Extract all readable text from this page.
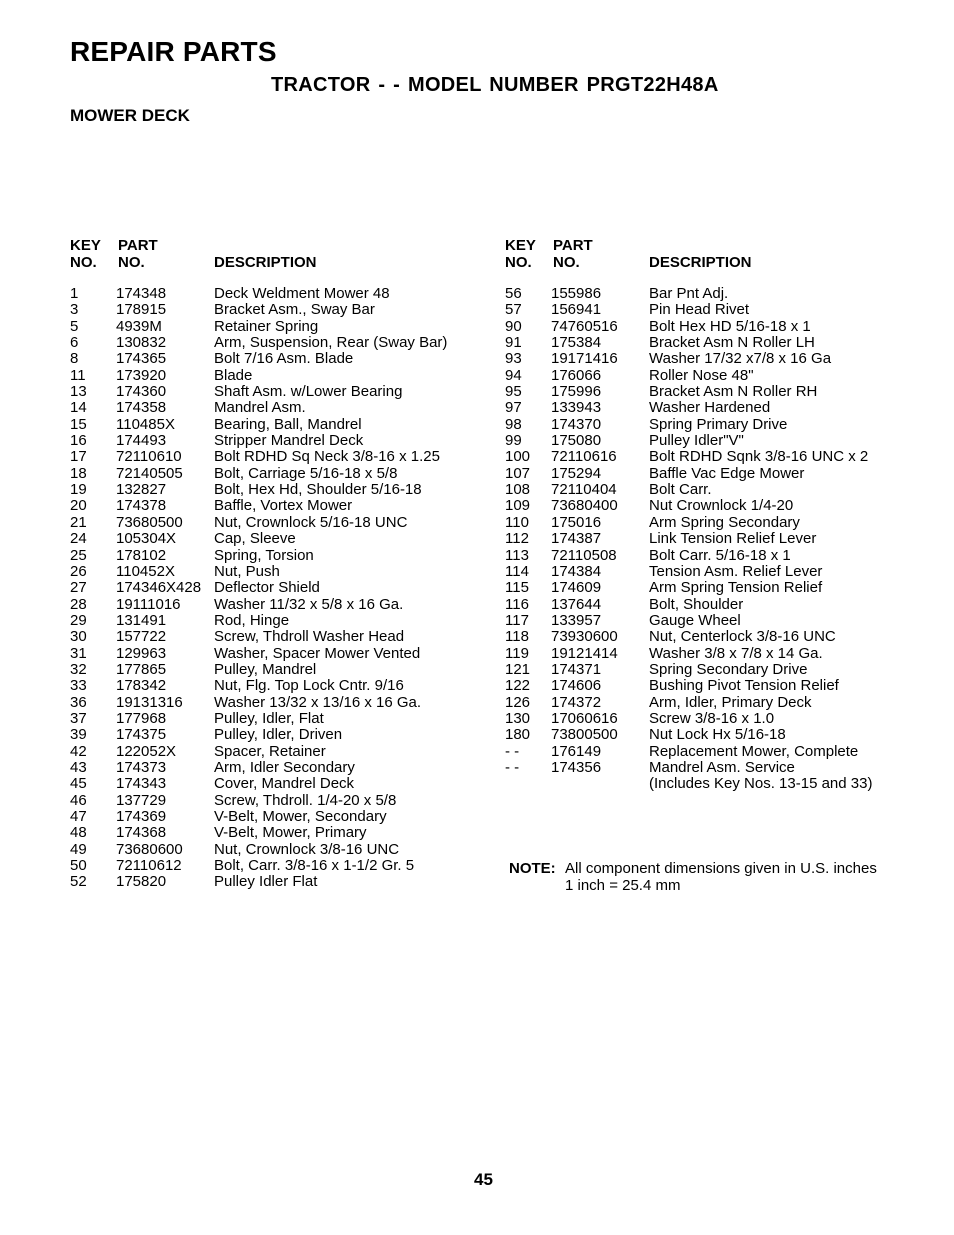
REPAIR PARTS
TRACTOR - - MODEL NUMBER PRGT22H48A
MOWER DECK
KEY
NO.
PART
NO.	DESCRIPTION
KEY
NO.
PART
NO.	DESCRIPTION
1	174348	Deck Weldment Mower 48
3	178915	Bracket Asm., Sway Bar
5	4939M	Retainer Spring
6	130832	Arm, Suspension, Rear (Sway Bar)
8	174365	Bolt 7/16 Asm. Blade
11 173920	Blade
13 174360	Shaft Asm. w/Lower Bearing
14 174358	Mandrel Asm.
15 110485X	Bearing, Ball, Mandrel
16 174493	Stripper Mandrel Deck
17 72110610 Bolt RDHD Sq Neck 3/8-16 x 1.25
18 72140505 Bolt, Carriage 5/16-18 x 5/8
19 132827	Bolt, Hex Hd, Shoulder 5/16-18
20 174378	Baffle, Vortex Mower
21 73680500 Nut, Crownlock 5/16-18 UNC
24 105304X	Cap, Sleeve
25 178102	Spring, Torsion
26 110452X	Nut, Push
27 174346X428 Deflector Shield
28 19111016 Washer 11/32 x 5/8 x 16 Ga.
29 131491	Rod, Hinge
30 157722	Screw, Thdroll Washer Head
31 129963	Washer, Spacer Mower Vented
32 177865	Pulley, Mandrel
33 178342	Nut, Flg. Top Lock Cntr. 9/16
36 19131316 Washer 13/32 x 13/16 x 16 Ga.
37 177968	Pulley, Idler, Flat
39 174375	Pulley, Idler, Driven
42 122052X	Spacer, Retainer
43 174373	Arm, Idler Secondary
45 174343	Cover, Mandrel Deck
46 137729	Screw, Thdroll. 1/4-20 x 5/8
47 174369	V-Belt, Mower, Secondary
48 174368	V-Belt, Mower, Primary
49 73680600 Nut, Crownlock 3/8-16 UNC
50 72110612 Bolt, Carr. 3/8-16 x 1-1/2 Gr. 5
52 175820	Pulley Idler Flat
56 155986	Bar Pnt Adj.
57 156941	Pin Head Rivet
90 74760516 Bolt Hex HD 5/16-18 x 1
91 175384	Bracket Asm N Roller LH
93 19171416 Washer 17/32 x7/8 x 16 Ga
94 176066	Roller Nose 48"
95 175996	Bracket Asm N Roller RH
97 133943	Washer Hardened
98 174370	Spring Primary Drive
99 175080	Pulley Idler"V"
100 72110616 Bolt RDHD Sqnk 3/8-16 UNC x 2
107 175294	Baffle Vac Edge Mower
108 72110404 Bolt Carr.
109 73680400 Nut Crownlock 1/4-20
110 175016	Arm Spring Secondary
112 174387	Link Tension Relief Lever
113 72110508 Bolt Carr. 5/16-18 x 1
114 174384	Tension Asm. Relief Lever
115 174609	Arm Spring Tension Relief
116 137644	Bolt, Shoulder
117 133957	Gauge Wheel
118 73930600 Nut, Centerlock 3/8-16 UNC
119 19121414 Washer 3/8 x 7/8 x 14 Ga.
121 174371	Spring Secondary Drive
122 174606	Bushing Pivot Tension Relief
126 174372	Arm, Idler, Primary Deck
130 17060616 Screw 3/8-16 x 1.0
180 73800500 Nut Lock Hx 5/16-18
- - 176149	Replacement Mower, Complete
- - 174356	Mandrel Asm. Service
(Includes Key Nos. 13-15 and 33)
NOTE: All component dimensions given in U.S. inches
1 inch = 25.4 mm
45
